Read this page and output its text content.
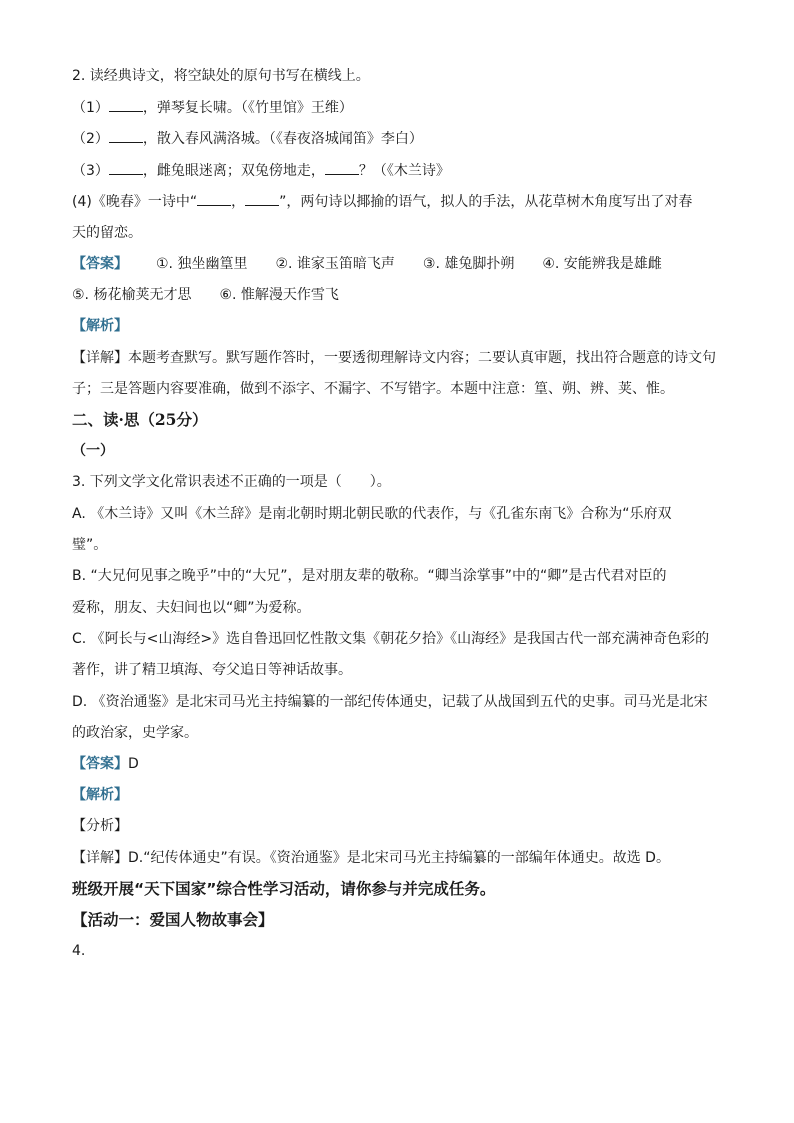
2. 读经典诗文，将空缺处的原句书写在横线上。
（1） ，弹琴复长啸。（《竹里馆》王维）
（2） ，散入春风满洛城。（《春夜洛城闻笛》李白）
（3） ，雌兔眼迷离；双兔傍地走， ？（《木兰诗》
(4)《晚春》一诗中“ ， ”，两句诗以揶揄的语气，拟人的手法，从花草树木角度写出了对春
天的留恋。
【答案】 ①. 独坐幽篁里 ②. 谁家玉笛暗飞声 ③. 雄兔脚扑朔 ④. 安能辨我是雄雌
⑤. 杨花榆荚无才思 ⑥. 惟解漫天作雪飞
【解析】
【详解】本题考查默写。默写题作答时，一要透彻理解诗文内容；二要认真审题，找出符合题意的诗文句
子；三是答题内容要准确，做到不添字、不漏字、不写错字。本题中注意：篁、朔、辨、荚、惟。
二、读·思（25分）
（一）
3. 下列文学文化常识表述不正确的一项是（　　）。
A. 《木兰诗》又叫《木兰辞》是南北朝时期北朝民歌的代表作，与《孔雀东南飞》合称为“乐府双
璧”。
B. “大兄何见事之晚乎”中的“大兄”，是对朋友辈的敬称。“卿当涂掌事”中的“卿”是古代君对臣的
爱称，朋友、夫妇间也以“卿”为爱称。
C. 《阿长与<山海经>》选自鲁迅回忆性散文集《朝花夕拾》《山海经》是我国古代一部充满神奇色彩的
著作，讲了精卫填海、夸父追日等神话故事。
D. 《资治通鉴》是北宋司马光主持编纂的一部纪传体通史，记载了从战国到五代的史事。司马光是北宋
的政治家，史学家。
【答案】D
【解析】
【分析】
【详解】D.“纪传体通史”有误。《资治通鉴》是北宋司马光主持编纂的一部编年体通史。故选 D。
班级开展“天下国家”综合性学习活动，请你参与并完成任务。
【活动一：爱国人物故事会】
4.
